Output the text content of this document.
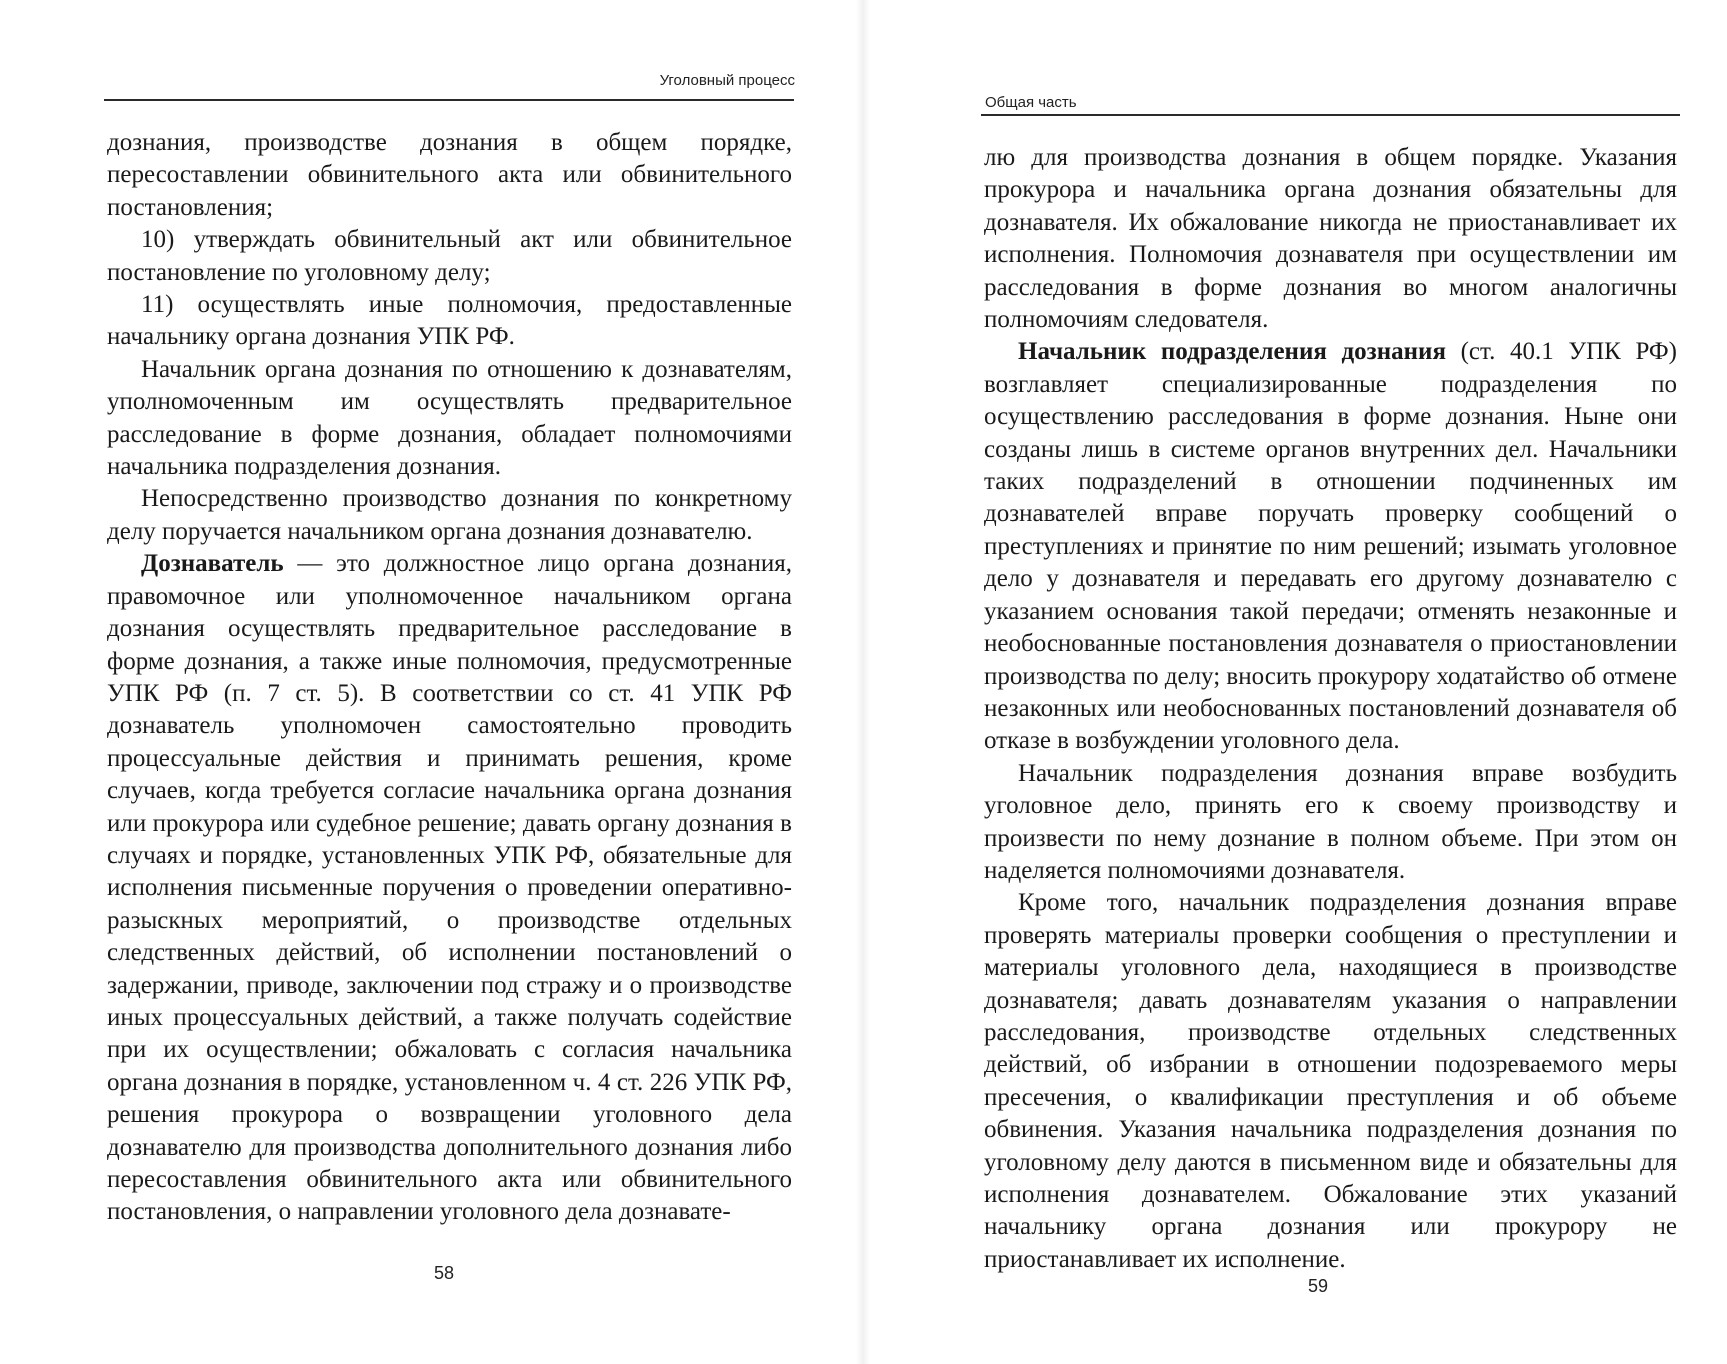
Уголовный процесс

дознания, производстве дознания в общем порядке, пересоставлении обвинительного акта или обвинительного постановления;

10) утверждать обвинительный акт или обвинительное постановление по уголовному делу;

11) осуществлять иные полномочия, предоставленные начальнику органа дознания УПК РФ.

Начальник органа дознания по отношению к дознавателям, уполномоченным им осуществлять предварительное расследование в форме дознания, обладает полномочиями начальника подразделения дознания.

Непосредственно производство дознания по конкретному делу поручается начальником органа дознания дознавателю.

Дознаватель — это должностное лицо органа дознания, правомочное или уполномоченное начальником органа дознания осуществлять предварительное расследование в форме дознания, а также иные полномочия, предусмотренные УПК РФ (п. 7 ст. 5). В соответствии со ст. 41 УПК РФ дознаватель уполномочен самостоятельно проводить процессуальные действия и принимать решения, кроме случаев, когда требуется согласие начальника органа дознания или прокурора или судебное решение; давать органу дознания в случаях и порядке, установленных УПК РФ, обязательные для исполнения письменные поручения о проведении оперативно-разыскных мероприятий, о производстве отдельных следственных действий, об исполнении постановлений о задержании, приводе, заключении под стражу и о производстве иных процессуальных действий, а также получать содействие при их осуществлении; обжаловать с согласия начальника органа дознания в порядке, установленном ч. 4 ст. 226 УПК РФ, решения прокурора о возвращении уголовного дела дознавателю для производства дополнительного дознания либо пересоставления обвинительного акта или обвинительного постановления, о направлении уголовного дела дознавате-

58
Общая часть

лю для производства дознания в общем порядке. Указания прокурора и начальника органа дознания обязательны для дознавателя. Их обжалование никогда не приостанавливает их исполнения. Полномочия дознавателя при осуществлении им расследования в форме дознания во многом аналогичны полномочиям следователя.

Начальник подразделения дознания (ст. 40.1 УПК РФ) возглавляет специализированные подразделения по осуществлению расследования в форме дознания. Ныне они созданы лишь в системе органов внутренних дел. Начальники таких подразделений в отношении подчиненных им дознавателей вправе поручать проверку сообщений о преступлениях и принятие по ним решений; изымать уголовное дело у дознавателя и передавать его другому дознавателю с указанием основания такой передачи; отменять незаконные и необоснованные постановления дознавателя о приостановлении производства по делу; вносить прокурору ходатайство об отмене незаконных или необоснованных постановлений дознавателя об отказе в возбуждении уголовного дела.

Начальник подразделения дознания вправе возбудить уголовное дело, принять его к своему производству и произвести по нему дознание в полном объеме. При этом он наделяется полномочиями дознавателя.

Кроме того, начальник подразделения дознания вправе проверять материалы проверки сообщения о преступлении и материалы уголовного дела, находящиеся в производстве дознавателя; давать дознавателям указания о направлении расследования, производстве отдельных следственных действий, об избрании в отношении подозреваемого меры пресечения, о квалификации преступления и об объеме обвинения. Указания начальника подразделения дознания по уголовному делу даются в письменном виде и обязательны для исполнения дознавателем. Обжалование этих указаний начальнику органа дознания или прокурору не приостанавливает их исполнение.

59
